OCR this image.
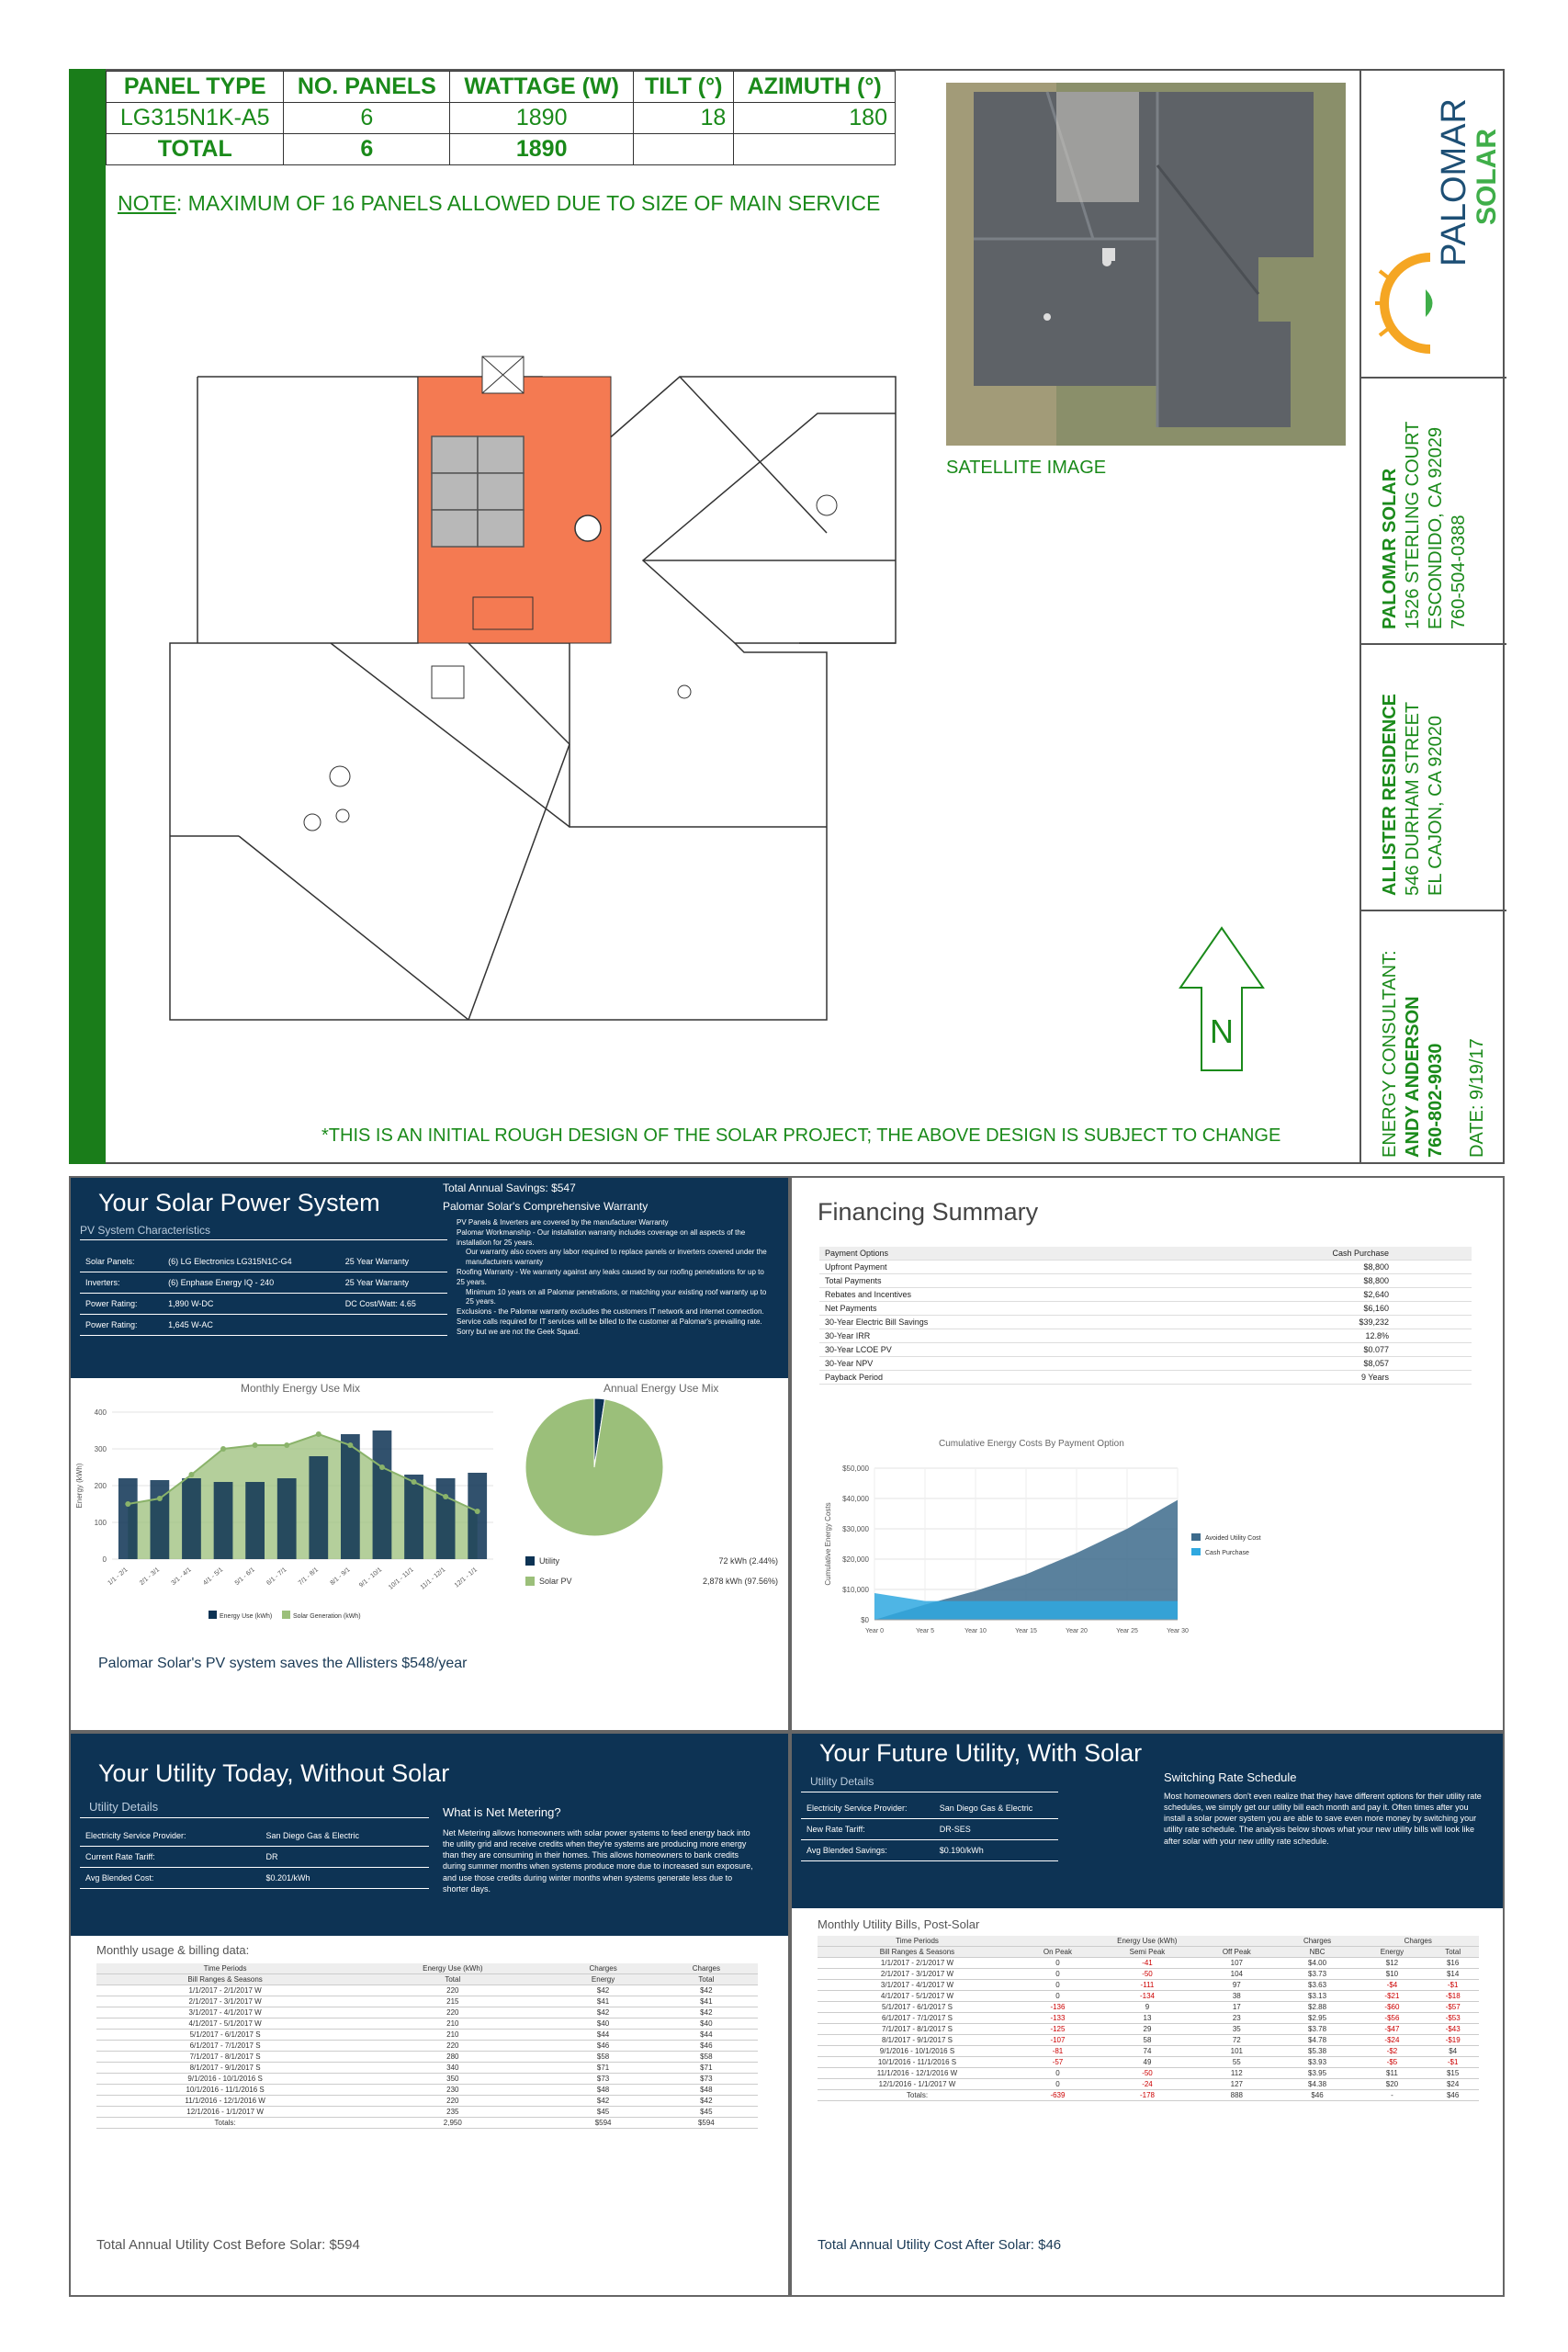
PANEL TYPE	NO. PANELS	WATTAGE (W)	TILT (°)	AZIMUTH (°)
LG315N1K-A5	6	1890	18	180
TOTAL	6	1890		
NOTE: MAXIMUM OF 16 PANELS ALLOWED DUE TO SIZE OF MAIN SERVICE
N
*THIS IS AN INITIAL ROUGH DESIGN OF THE SOLAR PROJECT; THE ABOVE DESIGN IS SUBJECT TO CHANGE
SATELLITE IMAGE
PALOMAR
SOLAR
PALOMAR SOLAR 1526 STERLING COURT ESCONDIDO, CA 92029 760-504-0388
ALLISTER RESIDENCE 546 DURHAM STREET EL CAJON, CA 92020
ENERGY CONSULTANT: ANDY ANDERSON 760-802-9030 DATE: 9/19/17
Your Solar Power System
PV System Characteristics
Solar Panels:	(6) LG Electronics LG315N1C-G4	25 Year Warranty
Inverters:	(6) Enphase Energy IQ - 240	25 Year Warranty
Power Rating:	1,890 W-DC	DC Cost/Watt: 4.65
Power Rating:	1,645 W-AC	
Total Annual Savings: $547
Palomar Solar's Comprehensive Warranty
PV Panels & Inverters are covered by the manufacturer Warranty
Palomar Workmanship - Our installation warranty includes coverage on all aspects of the installation for 25 years.
Our warranty also covers any labor required to replace panels or inverters covered under the manufacturers warranty
Roofing Warranty - We warranty against any leaks caused by our roofing penetrations for up to 25 years.
Minimum 10 years on all Palomar penetrations, or matching your existing roof warranty up to 25 years.
Exclusions - the Palomar warranty excludes the customers IT network and internet connection. Service calls required for IT services will be billed to the customer at Palomar's prevailing rate. Sorry but we are not the Geek Squad.
Monthly Energy Use Mix
0
100
200
300
400
Energy (kWh)
1/1 - 2/1 2/1 - 3/1 3/1 - 4/1 4/1 - 5/1 5/1 - 6/1 6/1 - 7/1 7/1 - 8/1 8/1 - 9/1 9/1 - 10/1 10/1 - 11/1 11/1 - 12/1 12/1 - 1/1
Energy Use (kWh)	Solar Generation (kWh)
Annual Energy Use Mix
Utility	72 kWh (2.44%)
Solar PV	2,878 kWh (97.56%)
Palomar Solar's PV system saves the Allisters $548/year
Financing Summary
Payment Options	Cash Purchase
Upfront Payment	$8,800
Total Payments	$8,800
Rebates and Incentives	$2,640
Net Payments	$6,160
30-Year Electric Bill Savings	$39,232
30-Year IRR	12.8%
30-Year LCOE PV	$0.077
30-Year NPV	$8,057
Payback Period	9 Years
Cumulative Energy Costs By Payment Option
$0
$10,000
$20,000
$30,000
$40,000
$50,000
Cumulative Energy Costs
Year 0	Year 5	Year 10	Year 15	Year 20	Year 25	Year 30
Avoided Utility Cost
Cash Purchase
Your Utility Today, Without Solar
Utility Details
Electricity Service Provider:	San Diego Gas & Electric
Current Rate Tariff:	DR
Avg Blended Cost:	$0.201/kWh
What is Net Metering?
Net Metering allows homeowners with solar power systems to feed energy back into the utility grid and receive credits when they're systems are producing more energy than they are consuming in their homes. This allows homeowners to bank credits during summer months when systems produce more due to increased sun exposure, and use those credits during winter months when systems generate less due to shorter days.
Monthly usage & billing data:
Time Periods	Energy Use (kWh)	Charges	Charges
Bill Ranges & Seasons	Total	Energy	Total
1/1/2017 - 2/1/2017 W	220	$42	$42
2/1/2017 - 3/1/2017 W	215	$41	$41
3/1/2017 - 4/1/2017 W	220	$42	$42
4/1/2017 - 5/1/2017 W	210	$40	$40
5/1/2017 - 6/1/2017 S	210	$44	$44
6/1/2017 - 7/1/2017 S	220	$46	$46
7/1/2017 - 8/1/2017 S	280	$58	$58
8/1/2017 - 9/1/2017 S	340	$71	$71
9/1/2016 - 10/1/2016 S	350	$73	$73
10/1/2016 - 11/1/2016 S	230	$48	$48
11/1/2016 - 12/1/2016 W	220	$42	$42
12/1/2016 - 1/1/2017 W	235	$45	$45
Totals:	2,950	$594	$594
Total Annual Utility Cost Before Solar: $594
Your Future Utility, With Solar
Utility Details
Electricity Service Provider:	San Diego Gas & Electric
New Rate Tariff:	DR-SES
Avg Blended Savings:	$0.190/kWh
Switching Rate Schedule
Most homeowners don't even realize that they have different options for their utility rate schedules, we simply get our utility bill each month and pay it. Often times after you install a solar power system you are able to save even more money by switching your utility rate schedule. The analysis below shows what your new utility bills will look like after solar with your new utility rate schedule.
Monthly Utility Bills, Post-Solar
Time Periods	Energy Use (kWh)			Charges	Charges	
Bill Ranges & Seasons	On Peak	Semi Peak	Off Peak	NBC	Energy	Total
1/1/2017 - 2/1/2017 W	0	-41	107	$4.00	$12	$16
2/1/2017 - 3/1/2017 W	0	-50	104	$3.73	$10	$14
3/1/2017 - 4/1/2017 W	0	-111	97	$3.63	-$4	-$1
4/1/2017 - 5/1/2017 W	0	-134	38	$3.13	-$21	-$18
5/1/2017 - 6/1/2017 S	-136	9	17	$2.88	-$60	-$57
6/1/2017 - 7/1/2017 S	-133	13	23	$2.95	-$56	-$53
7/1/2017 - 8/1/2017 S	-125	29	35	$3.78	-$47	-$43
8/1/2017 - 9/1/2017 S	-107	58	72	$4.78	-$24	-$19
9/1/2016 - 10/1/2016 S	-81	74	101	$5.38	-$2	$4
10/1/2016 - 11/1/2016 S	-57	49	55	$3.93	-$5	-$1
11/1/2016 - 12/1/2016 W	0	-50	112	$3.95	$11	$15
12/1/2016 - 1/1/2017 W	0	-24	127	$4.38	$20	$24
Totals:	-639	-178	888	$46	-	$46
Total Annual Utility Cost After Solar: $46
